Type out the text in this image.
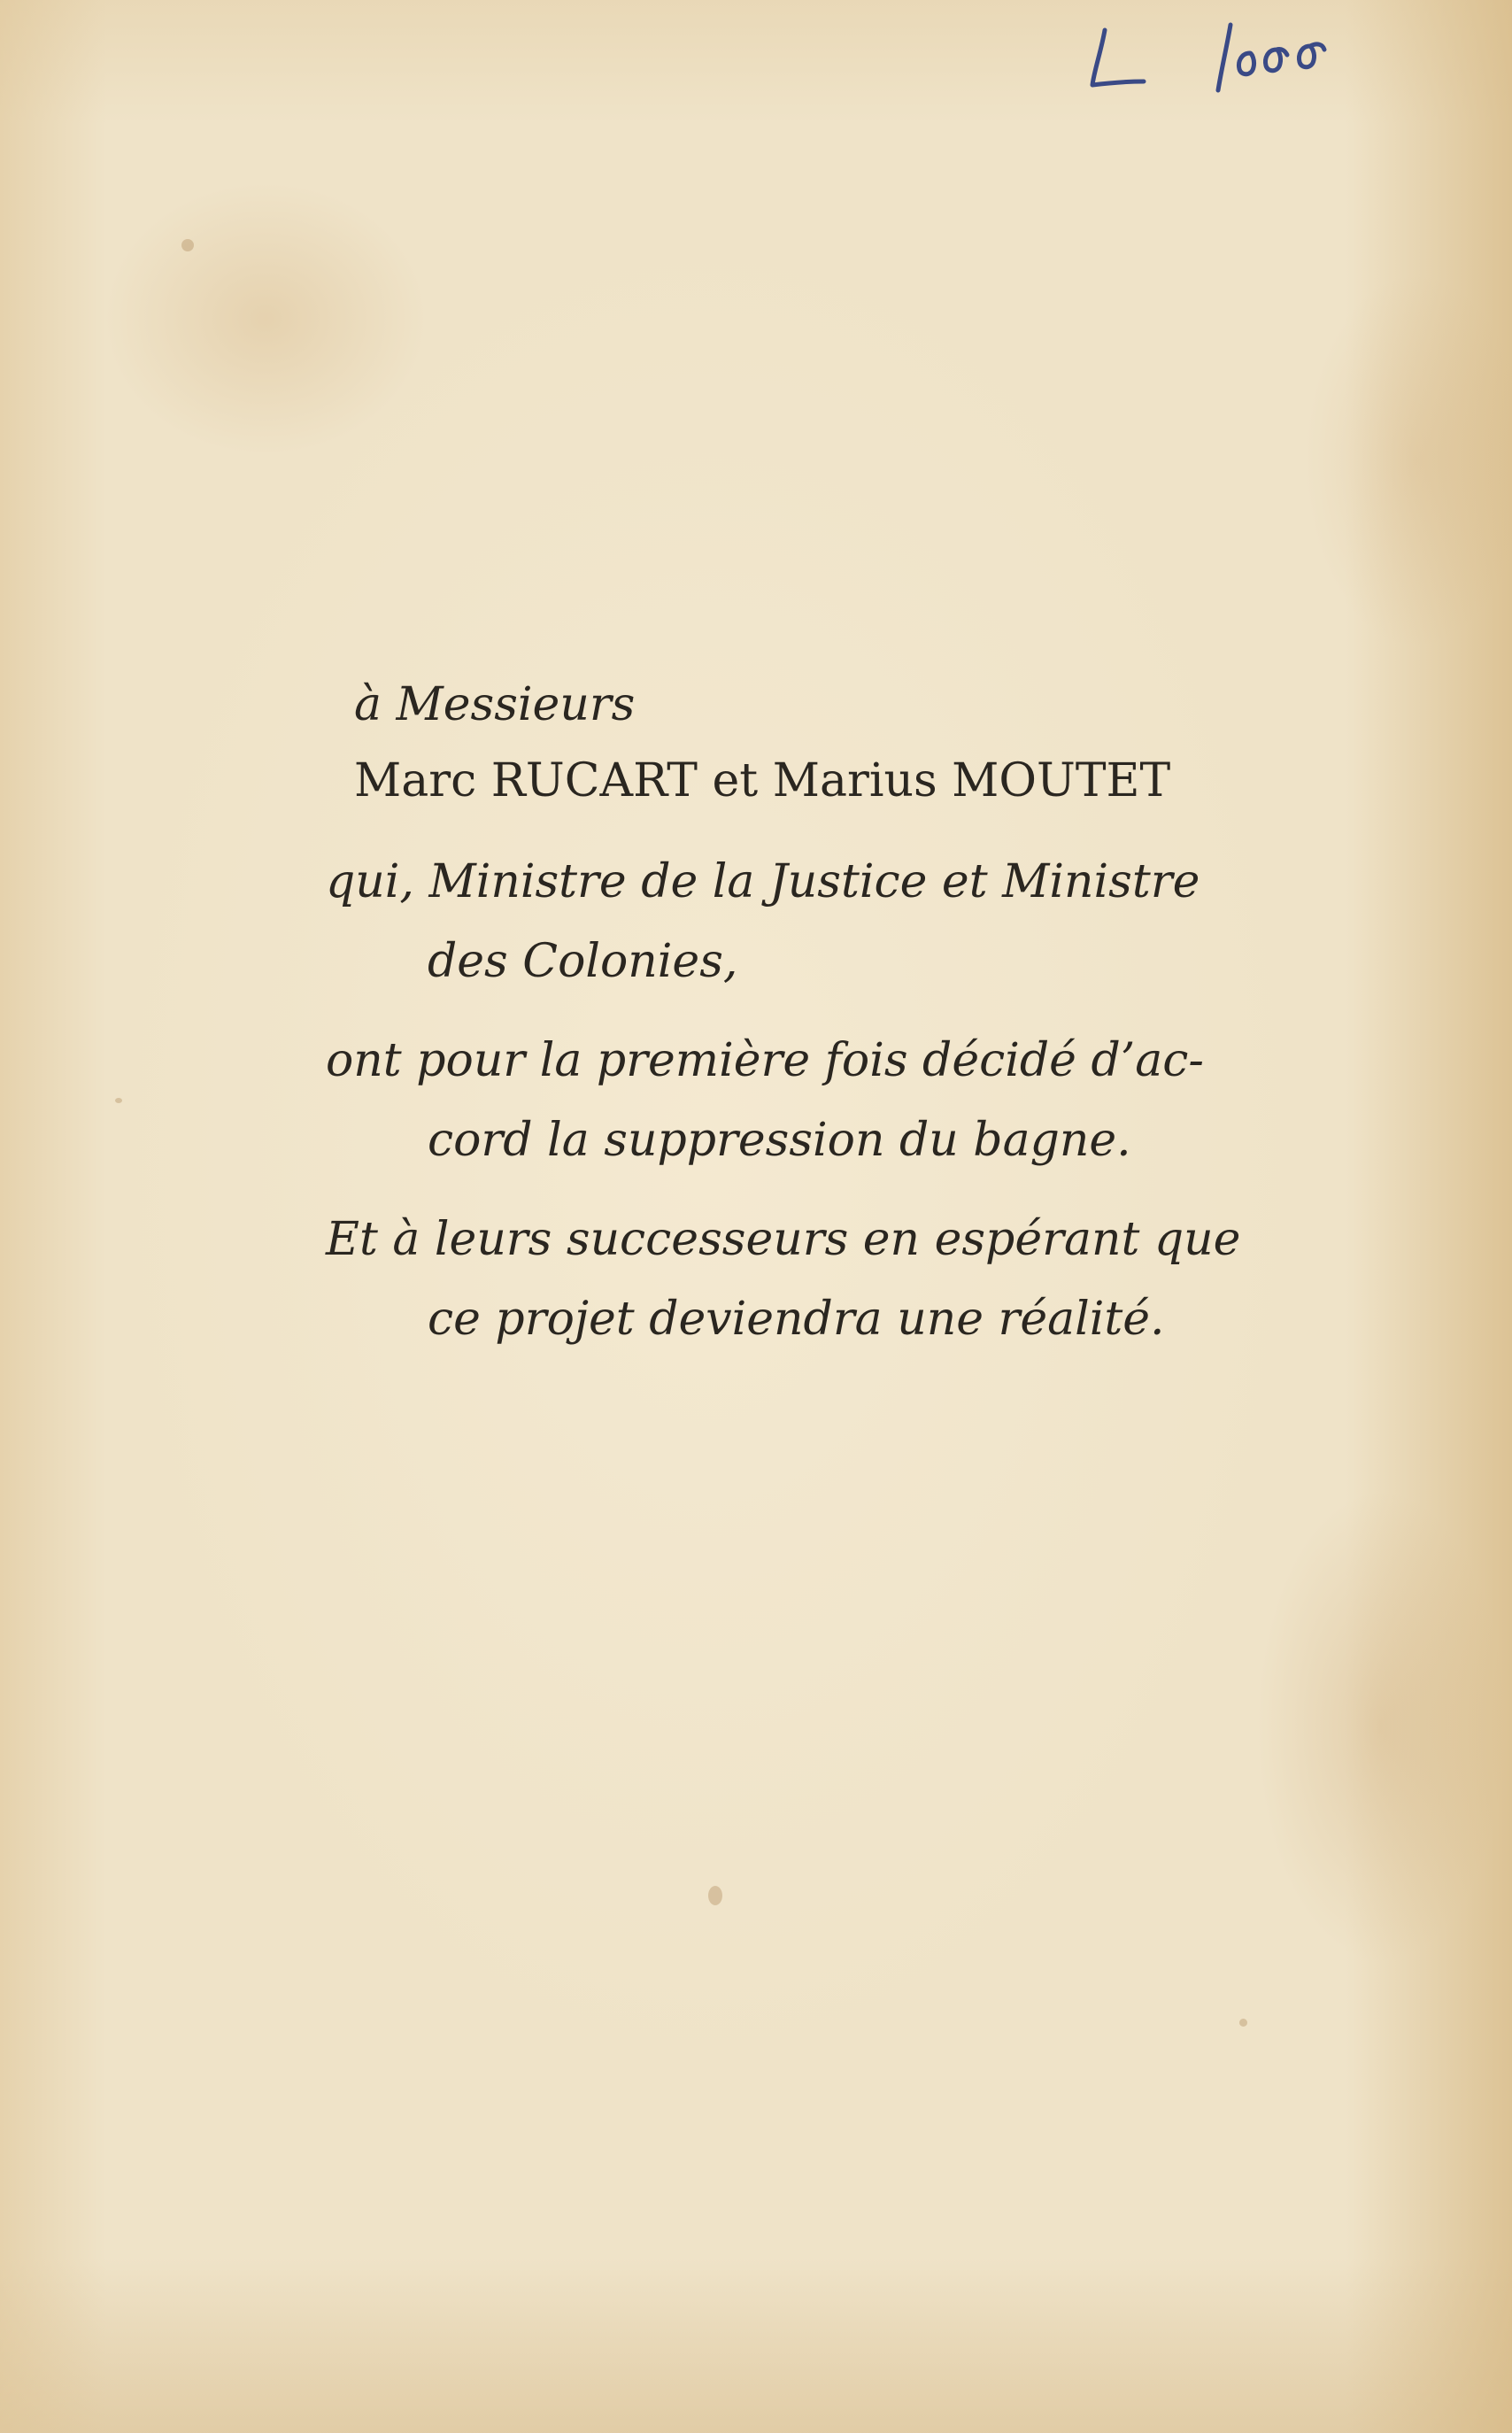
à Messieurs
Marc RUCART et Marius MOUTET
qui, Ministre de la Justice et Ministre
des Colonies,
ont pour la première fois décidé d’ac-
cord la suppression du bagne.
Et à leurs successeurs en espérant que
ce projet deviendra une réalité.
